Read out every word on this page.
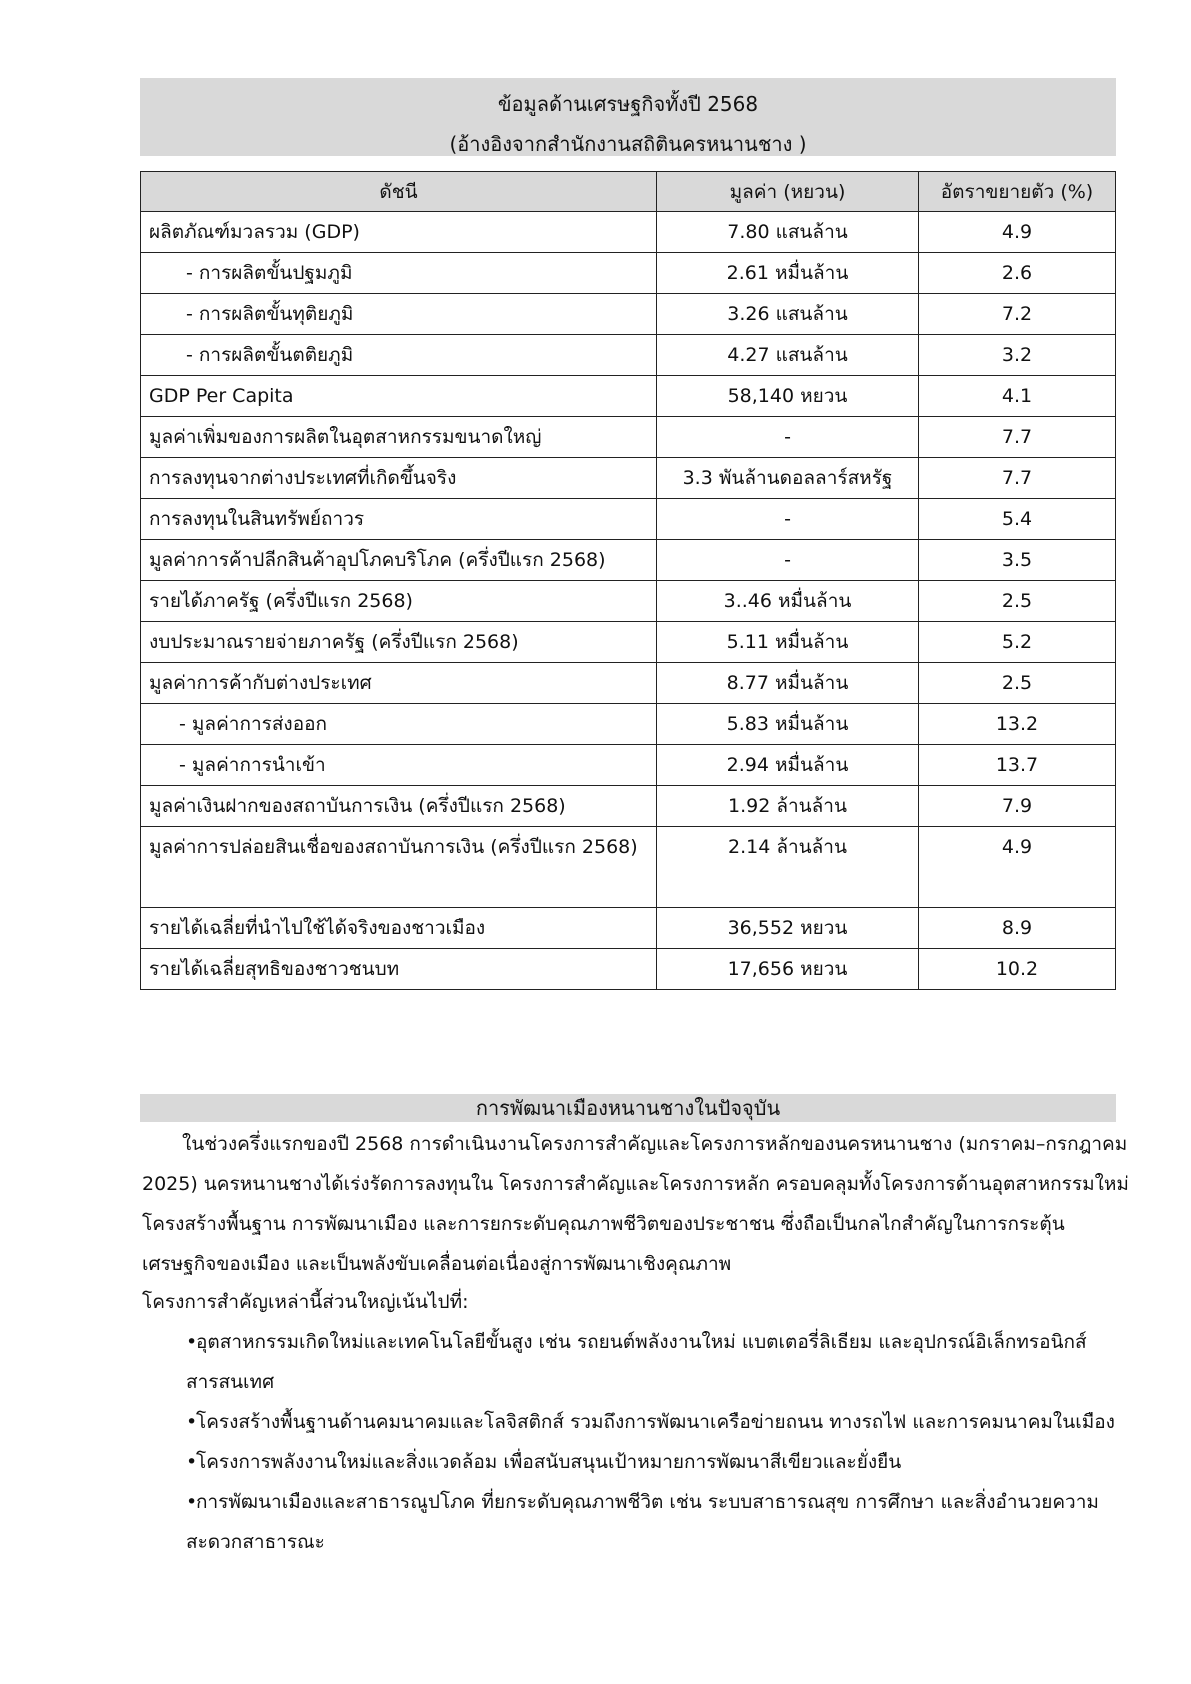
ข้อมูลด้านเศรษฐกิจทั้งปี 2568
(อ้างอิงจากสำนักงานสถิตินครหนานชาง )
ดัชนี	มูลค่า (หยวน)	อัตราขยายตัว (%)
ผลิตภัณฑ์มวลรวม (GDP)	7.80 แสนล้าน	4.9
- การผลิตขั้นปฐมภูมิ	2.61 หมื่นล้าน	2.6
- การผลิตขั้นทุติยภูมิ	3.26 แสนล้าน	7.2
- การผลิตขั้นตติยภูมิ	4.27 แสนล้าน	3.2
GDP Per Capita	58,140 หยวน	4.1
มูลค่าเพิ่มของการผลิตในอุตสาหกรรมขนาดใหญ่	-	7.7
การลงทุนจากต่างประเทศที่เกิดขึ้นจริง	3.3 พันล้านดอลลาร์สหรัฐ	7.7
การลงทุนในสินทรัพย์ถาวร	-	5.4
มูลค่าการค้าปลีกสินค้าอุปโภคบริโภค (ครึ่งปีแรก 2568)	-	3.5
รายได้ภาครัฐ (ครึ่งปีแรก 2568)	3..46 หมื่นล้าน	2.5
งบประมาณรายจ่ายภาครัฐ (ครึ่งปีแรก 2568)	5.11 หมื่นล้าน	5.2
มูลค่าการค้ากับต่างประเทศ	8.77 หมื่นล้าน	2.5
- มูลค่าการส่งออก	5.83 หมื่นล้าน	13.2
- มูลค่าการนำเข้า	2.94 หมื่นล้าน	13.7
มูลค่าเงินฝากของสถาบันการเงิน (ครึ่งปีแรก 2568)	1.92 ล้านล้าน	7.9
มูลค่าการปล่อยสินเชื่อของสถาบันการเงิน (ครึ่งปีแรก 2568)	2.14 ล้านล้าน	4.9
รายได้เฉลี่ยที่นำไปใช้ได้จริงของชาวเมือง	36,552 หยวน	8.9
รายได้เฉลี่ยสุทธิของชาวชนบท	17,656 หยวน	10.2
การพัฒนาเมืองหนานชางในปัจจุบัน
ในช่วงครึ่งแรกของปี 2568 การดำเนินงานโครงการสำคัญและโครงการหลักของนครหนานชาง (มกราคม–กรกฎาคม 2025) นครหนานชางได้เร่งรัดการลงทุนใน โครงการสำคัญและโครงการหลัก ครอบคลุมทั้งโครงการด้านอุตสาหกรรมใหม่ โครงสร้างพื้นฐาน การพัฒนาเมือง และการยกระดับคุณภาพชีวิตของประชาชน ซึ่งถือเป็นกลไกสำคัญในการกระตุ้นเศรษฐกิจของเมือง และเป็นพลังขับเคลื่อนต่อเนื่องสู่การพัฒนาเชิงคุณภาพ
โครงการสำคัญเหล่านี้ส่วนใหญ่เน้นไปที่:
•อุตสาหกรรมเกิดใหม่และเทคโนโลยีขั้นสูง เช่น รถยนต์พลังงานใหม่ แบตเตอรี่ลิเธียม และอุปกรณ์อิเล็กทรอนิกส์สารสนเทศ
•โครงสร้างพื้นฐานด้านคมนาคมและโลจิสติกส์ รวมถึงการพัฒนาเครือข่ายถนน ทางรถไฟ และการคมนาคมในเมือง
•โครงการพลังงานใหม่และสิ่งแวดล้อม เพื่อสนับสนุนเป้าหมายการพัฒนาสีเขียวและยั่งยืน
•การพัฒนาเมืองและสาธารณูปโภค ที่ยกระดับคุณภาพชีวิต เช่น ระบบสาธารณสุข การศึกษา และสิ่งอำนวยความสะดวกสาธารณะ
